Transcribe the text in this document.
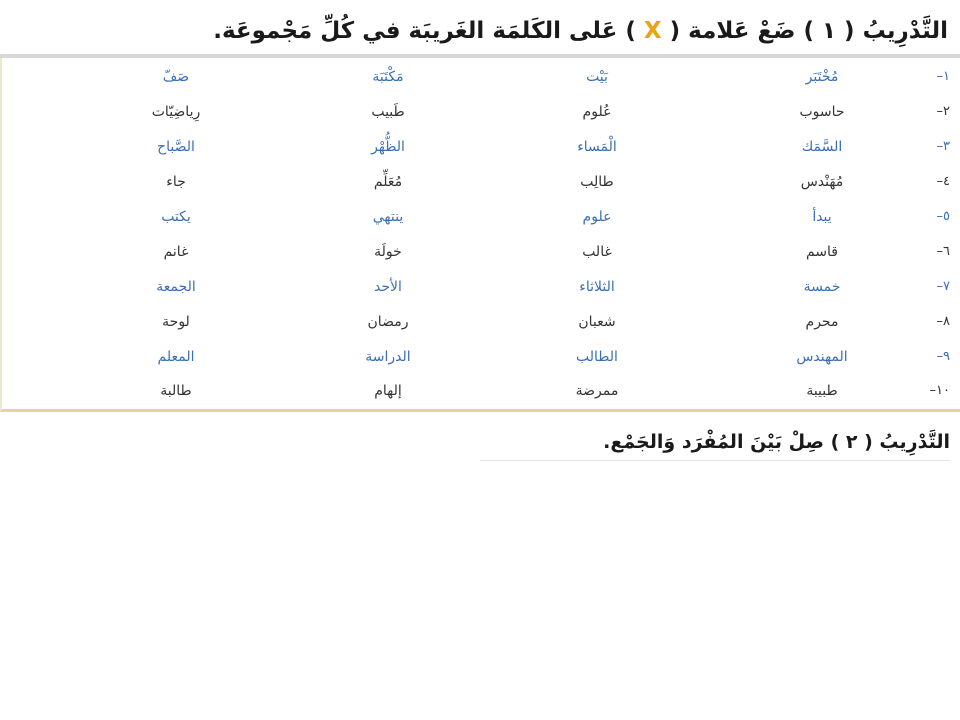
التَّدْرِيبُ ( ١ ) ضَعْ عَلامة ( X ) عَلى الكَلمَة الغَريبَة في كُلِّ مَجْموعَة.
١–
صَفّ	مَكْتَبَة	بَيْت	مُخْتَبَر
٢–
رِياضِيّات	طَبيب	عُلوم	حاسوب
٣–
الصَّباح	الظُّهْر	الْمَساء	السَّمَك
٤–
جاء	مُعَلِّم	طالِب	مُهَنْدس
٥–
يكتب	ينتهي	علوم	يبدأ
٦–
غانم	خولَة	غالب	قاسم
٧–
الجمعة	الأحد	الثلاثاء	خمسة
٨–
لوحة	رمضان	شعبان	محرم
٩–
المعلم	الدراسة	الطالب	المهندس
١٠–
طالبة	إلهام	ممرضة	طبيبة
التَّدْرِيبُ ( ٢ ) صِلْ بَيْنَ المُفْرَد وَالجَمْع.
